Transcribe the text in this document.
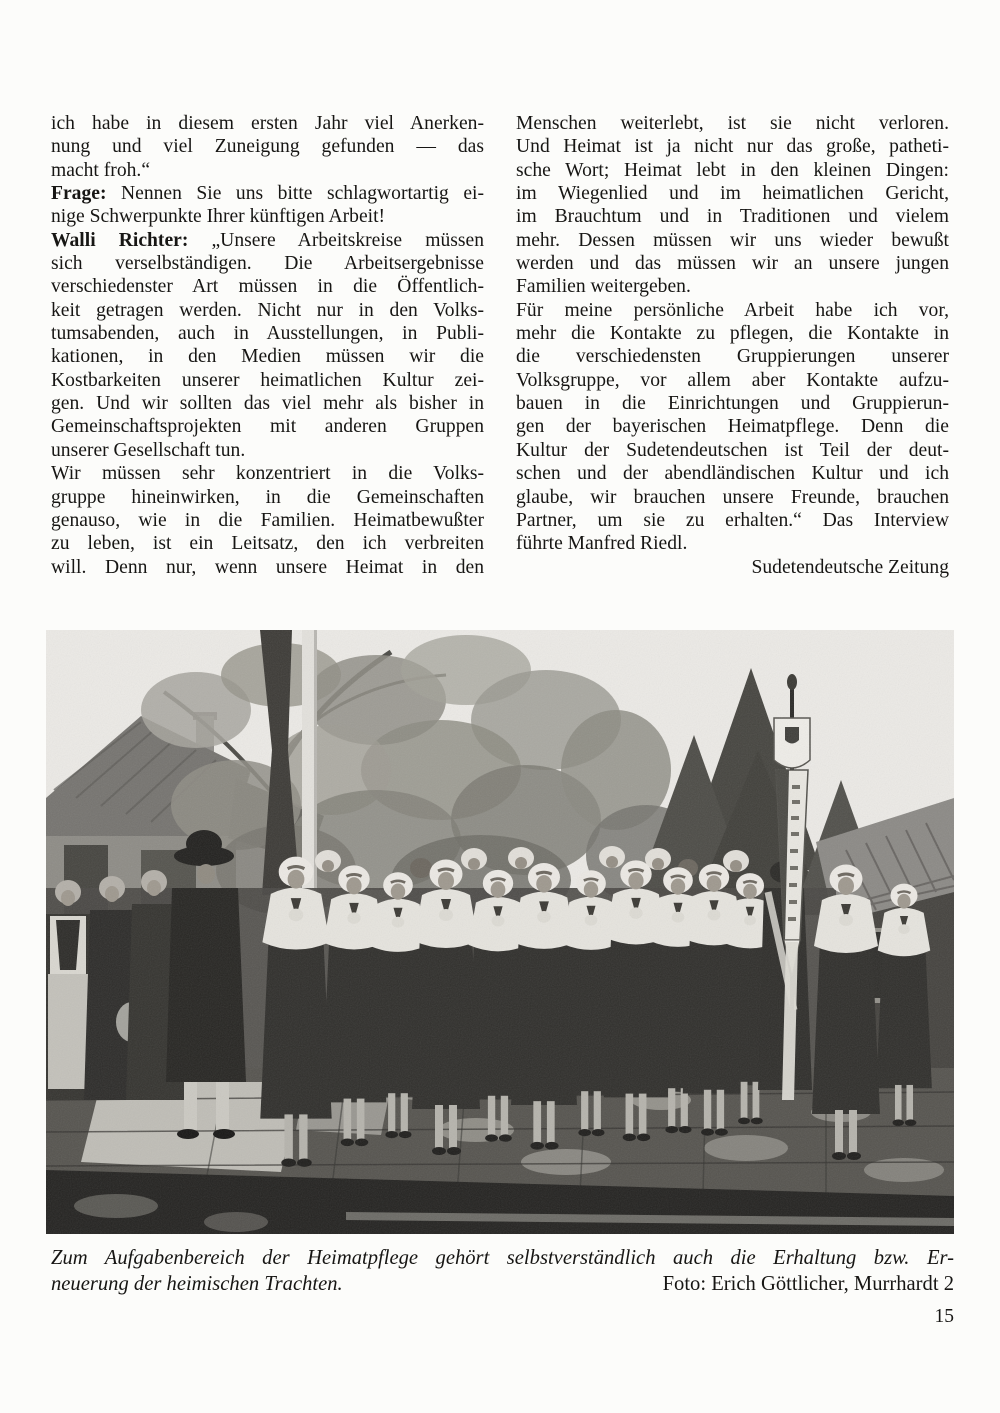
ich habe in diesem ersten Jahr viel Anerken-
nung und viel Zuneigung gefunden — das
macht froh.“
Frage: Nennen Sie uns bitte schlagwortartig ei-
nige Schwerpunkte Ihrer künftigen Arbeit!
Walli Richter: „Unsere Arbeitskreise müssen
sich verselbständigen. Die Arbeitsergebnisse
verschiedenster Art müssen in die Öffentlich-
keit getragen werden. Nicht nur in den Volks-
tumsabenden, auch in Ausstellungen, in Publi-
kationen, in den Medien müssen wir die
Kostbarkeiten unserer heimatlichen Kultur zei-
gen. Und wir sollten das viel mehr als bisher in
Gemeinschaftsprojekten mit anderen Gruppen
unserer Gesellschaft tun.
Wir müssen sehr konzentriert in die Volks-
gruppe hineinwirken, in die Gemeinschaften
genauso, wie in die Familien. Heimatbewußter
zu leben, ist ein Leitsatz, den ich verbreiten
will. Denn nur, wenn unsere Heimat in den
Menschen weiterlebt, ist sie nicht verloren.
Und Heimat ist ja nicht nur das große, patheti-
sche Wort; Heimat lebt in den kleinen Dingen:
im Wiegenlied und im heimatlichen Gericht,
im Brauchtum und in Traditionen und vielem
mehr. Dessen müssen wir uns wieder bewußt
werden und das müssen wir an unsere jungen
Familien weitergeben.
Für meine persönliche Arbeit habe ich vor,
mehr die Kontakte zu pflegen, die Kontakte in
die verschiedensten Gruppierungen unserer
Volksgruppe, vor allem aber Kontakte aufzu-
bauen in die Einrichtungen und Gruppierun-
gen der bayerischen Heimatpflege. Denn die
Kultur der Sudetendeutschen ist Teil der deut-
schen und der abendländischen Kultur und ich
glaube, wir brauchen unsere Freunde, brauchen
Partner, um sie zu erhalten.“ Das Interview
führte Manfred Riedl.
Sudetendeutsche Zeitung
Zum Aufgabenbereich der Heimatpflege gehört selbstverständlich auch die Erhaltung bzw. Er-
neuerung der heimischen Trachten.	Foto: Erich Göttlicher, Murrhardt 2
15
